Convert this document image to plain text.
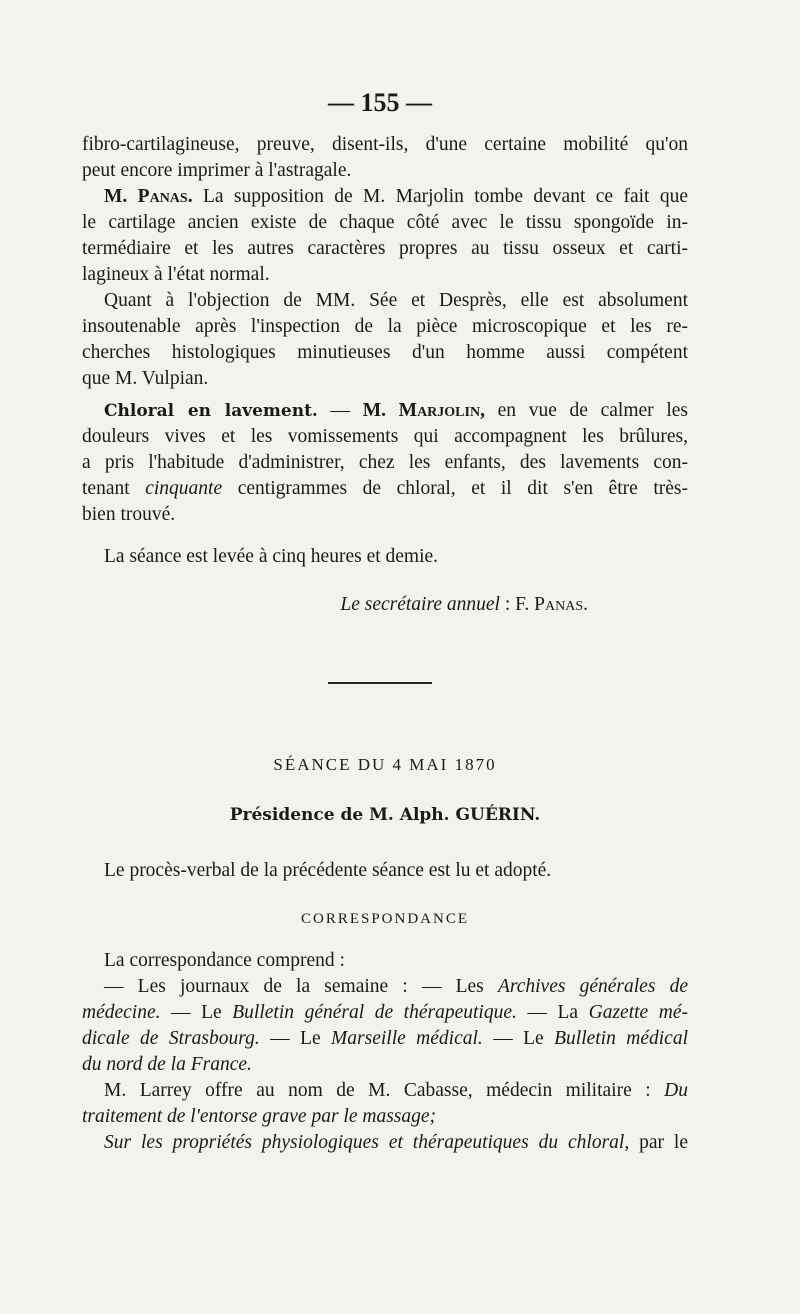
— 155 —

fibro-cartilagineuse, preuve, disent-ils, d'une certaine mobilité qu'on

peut encore imprimer à l'astragale.

M. Panas. La supposition de M. Marjolin tombe devant ce fait que

le cartilage ancien existe de chaque côté avec le tissu spongoïde in-

termédiaire et les autres caractères propres au tissu osseux et carti-

lagineux à l'état normal.

Quant à l'objection de MM. Sée et Desprès, elle est absolument

insoutenable après l'inspection de la pièce microscopique et les re-

cherches histologiques minutieuses d'un homme aussi compétent

que M. Vulpian.

Chloral en lavement. — M. Marjolin, en vue de calmer les

douleurs vives et les vomissements qui accompagnent les brûlures,

a pris l'habitude d'administrer, chez les enfants, des lavements con-

tenant cinquante centigrammes de chloral, et il dit s'en être très-

bien trouvé.

La séance est levée à cinq heures et demie.

Le secrétaire annuel : F. Panas.

SÉANCE DU 4 MAI 1870

Présidence de M. Alph. GUÉRIN.

Le procès-verbal de la précédente séance est lu et adopté.

CORRESPONDANCE

La correspondance comprend :

— Les journaux de la semaine : — Les Archives générales de

médecine. — Le Bulletin général de thérapeutique. — La Gazette mé-

dicale de Strasbourg. — Le Marseille médical. — Le Bulletin médical

du nord de la France.

M. Larrey offre au nom de M. Cabasse, médecin militaire : Du

traitement de l'entorse grave par le massage;

Sur les propriétés physiologiques et thérapeutiques du chloral, par le
